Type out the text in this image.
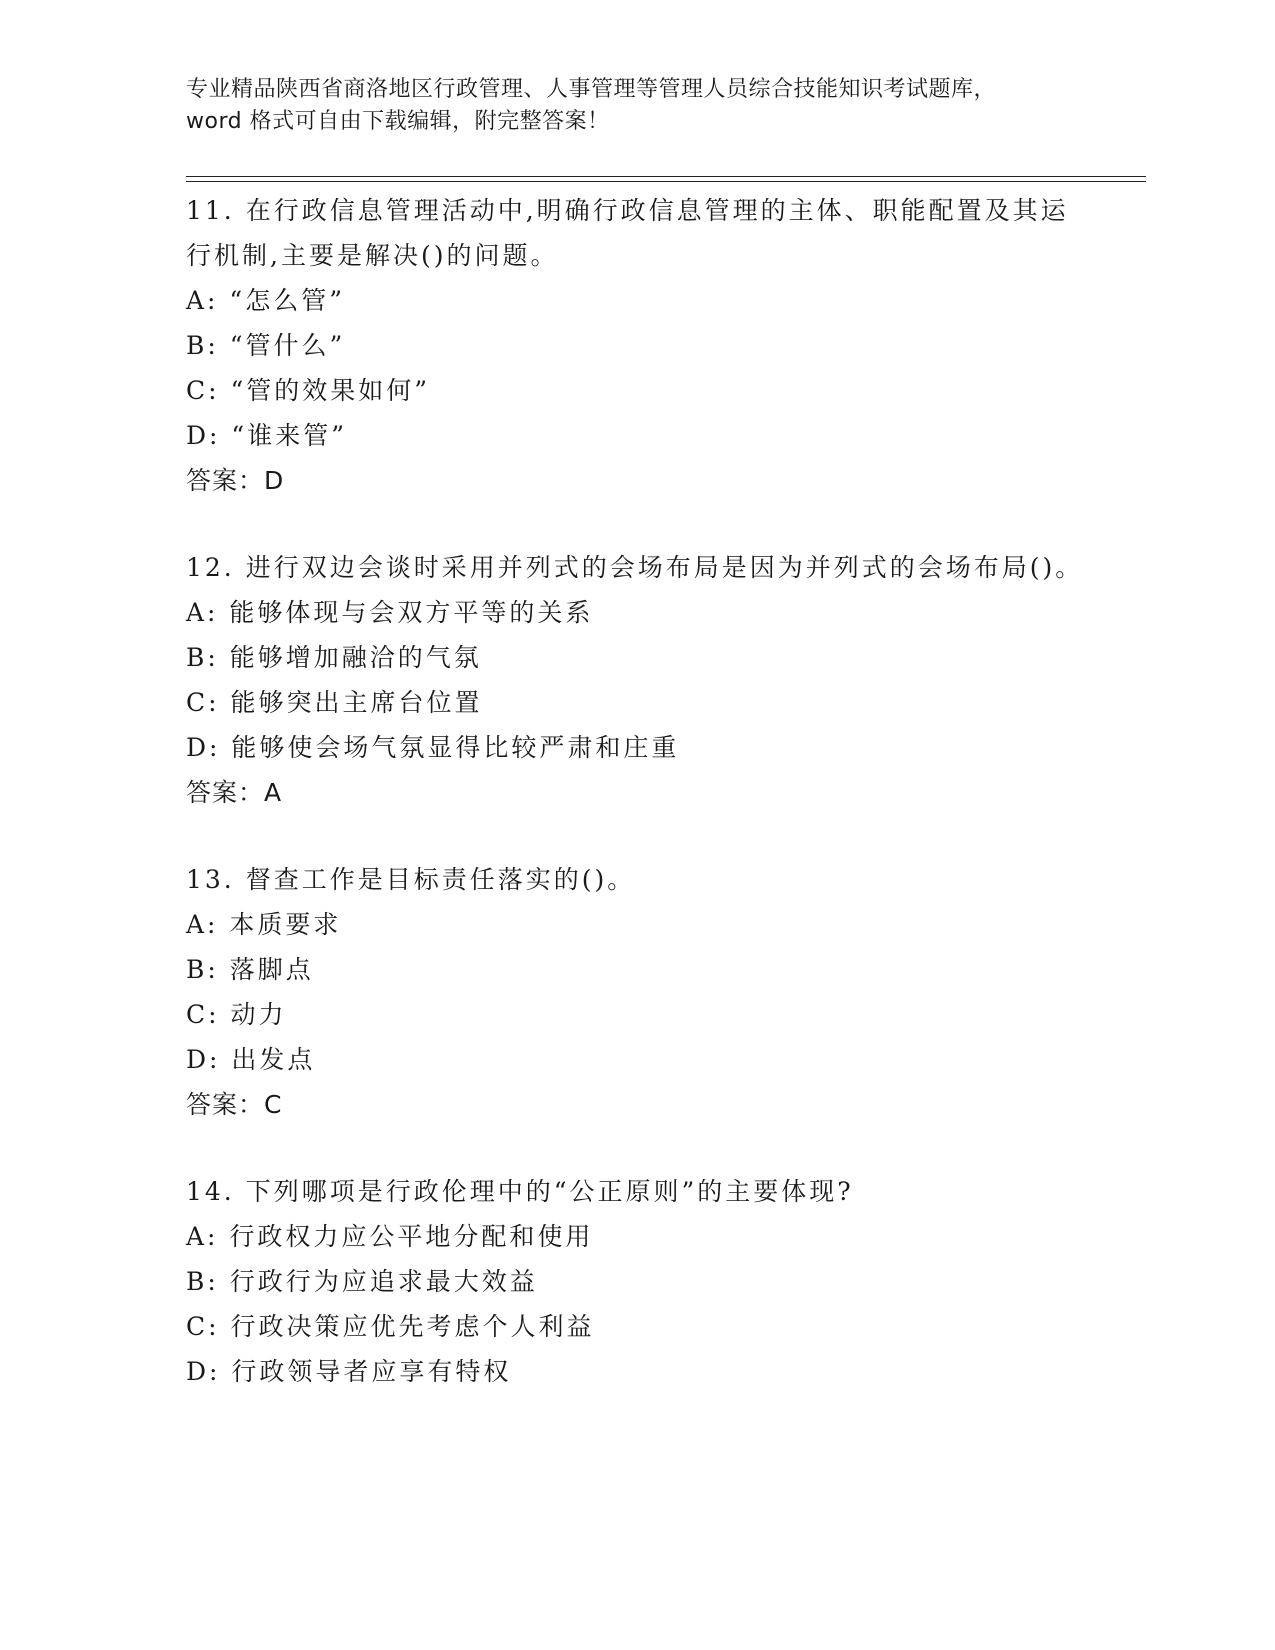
专业精品陕西省商洛地区行政管理、人事管理等管理人员综合技能知识考试题库，
word 格式可自由下载编辑，附完整答案！
11. 在行政信息管理活动中,明确行政信息管理的主体、职能配置及其运行机制,主要是解决()的问题。
A: “怎么管”
B: “管什么”
C: “管的效果如何”
D: “谁来管”
答案：D
12. 进行双边会谈时采用并列式的会场布局是因为并列式的会场布局()。
A: 能够体现与会双方平等的关系
B: 能够增加融洽的气氛
C: 能够突出主席台位置
D: 能够使会场气氛显得比较严肃和庄重
答案：A
13. 督查工作是目标责任落实的()。
A: 本质要求
B: 落脚点
C: 动力
D: 出发点
答案：C
14. 下列哪项是行政伦理中的“公正原则”的主要体现?
A: 行政权力应公平地分配和使用
B: 行政行为应追求最大效益
C: 行政决策应优先考虑个人利益
D: 行政领导者应享有特权
